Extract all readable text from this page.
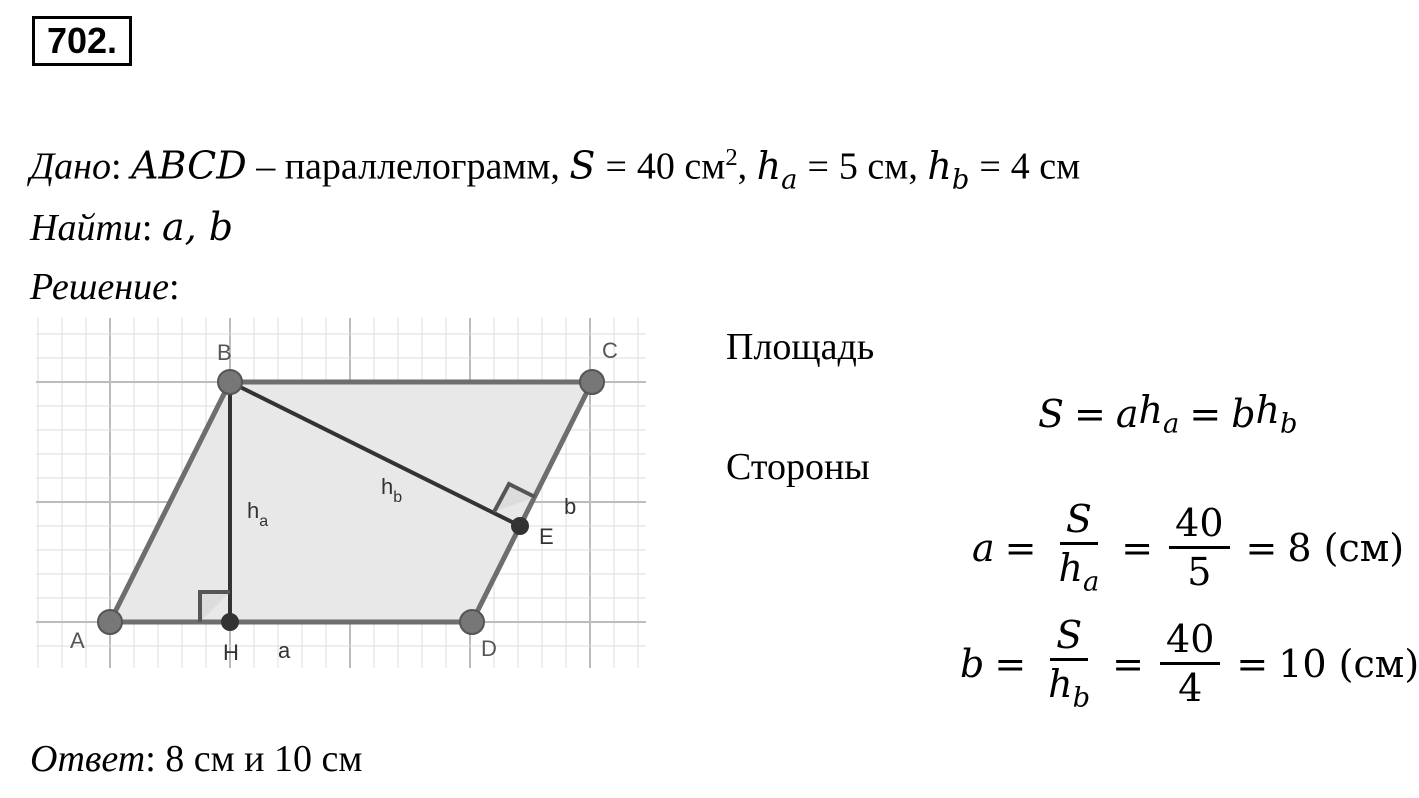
702.
Дано: ABCD – параллелограмм, S = 40 $см^2$, $h_a = 5$ см, $h_b = 4$ см
Найти: a, b
Решение:
A
B	C
D
H
E
$h_a$
$h_b$
a
b
Площадь
S = a $h_a = b$ $h_b$
Стороны
$a = \frac{S}{h_a} = \frac{40}{5} = 8$
(см)
$b = \frac{S}{h_b} = \frac{40}{4} = 10$
(см)
Ответ: 8 см и 10 см
